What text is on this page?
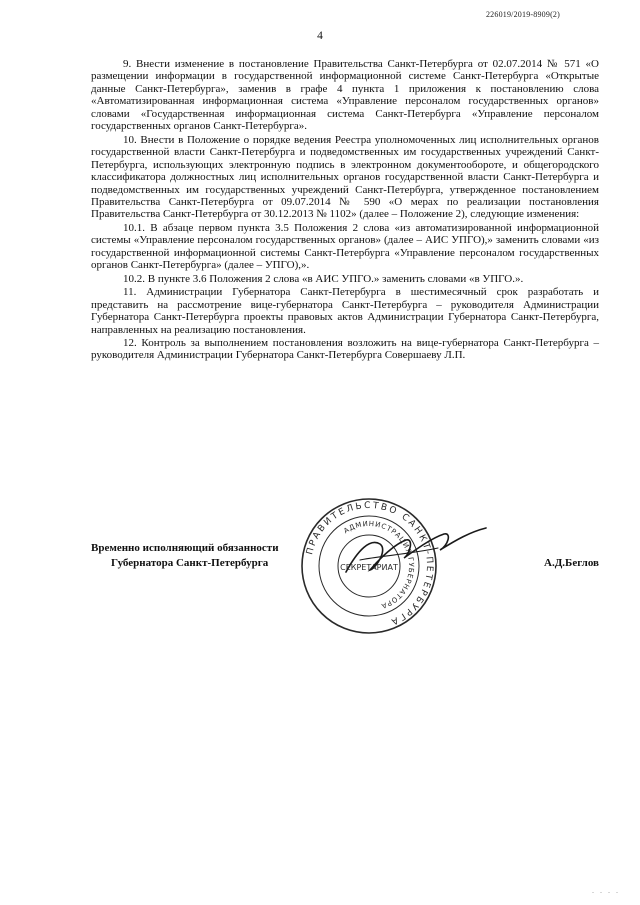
226019/2019-8909(2)
4

9. Внести изменение в постановление Правительства Санкт-Петербурга от 02.07.2014 № 571 «О размещении информации в государственной информационной системе Санкт-Петербурга «Открытые данные Санкт-Петербурга», заменив в графе 4 пункта 1 приложения к постановлению слова «Автоматизированная информационная система «Управление персоналом государственных органов» словами «Государственная информационная система Санкт-Петербурга «Управление персоналом государственных органов Санкт-Петербурга».

10. Внести в Положение о порядке ведения Реестра уполномоченных лиц исполнительных органов государственной власти Санкт-Петербурга и подведомственных им государственных учреждений Санкт-Петербурга, использующих электронную подпись в электронном документообороте, и общегородского классификатора должностных лиц исполнительных органов государственной власти Санкт-Петербурга и подведомственных им государственных учреждений Санкт-Петербурга, утвержденное постановлением Правительства Санкт-Петербурга от 09.07.2014 № 590 «О мерах по реализации постановления Правительства Санкт-Петербурга от 30.12.2013 № 1102» (далее – Положение 2), следующие изменения:

10.1. В абзаце первом пункта 3.5 Положения 2 слова «из автоматизированной информационной системы «Управление персоналом государственных органов» (далее – АИС УПГО),» заменить словами «из государственной информационной системы Санкт-Петербурга «Управление персоналом государственных органов Санкт-Петербурга» (далее – УПГО),».

10.2. В пункте 3.6 Положения 2 слова «в АИС УПГО.» заменить словами «в УПГО.».

11. Администрации Губернатора Санкт-Петербурга в шестимесячный срок разработать и представить на рассмотрение вице-губернатора Санкт-Петербурга – руководителя Администрации Губернатора Санкт-Петербурга проекты правовых актов Администрации Губернатора Санкт-Петербурга, направленных на реализацию постановления.

12. Контроль за выполнением постановления возложить на вице-губернатора Санкт-Петербурга – руководителя Администрации Губернатора Санкт-Петербурга Совершаеву Л.П.

ПРАВИТЕЛЬСТВО САНКТ-ПЕТЕРБУРГА
АДМИНИСТРАЦИЯ ГУБЕРНАТОРА
СЕКРЕТАРИАТ
Временно исполняющий обязанности
Губернатора Санкт-Петербурга	А.Д.Беглов
. . . .
